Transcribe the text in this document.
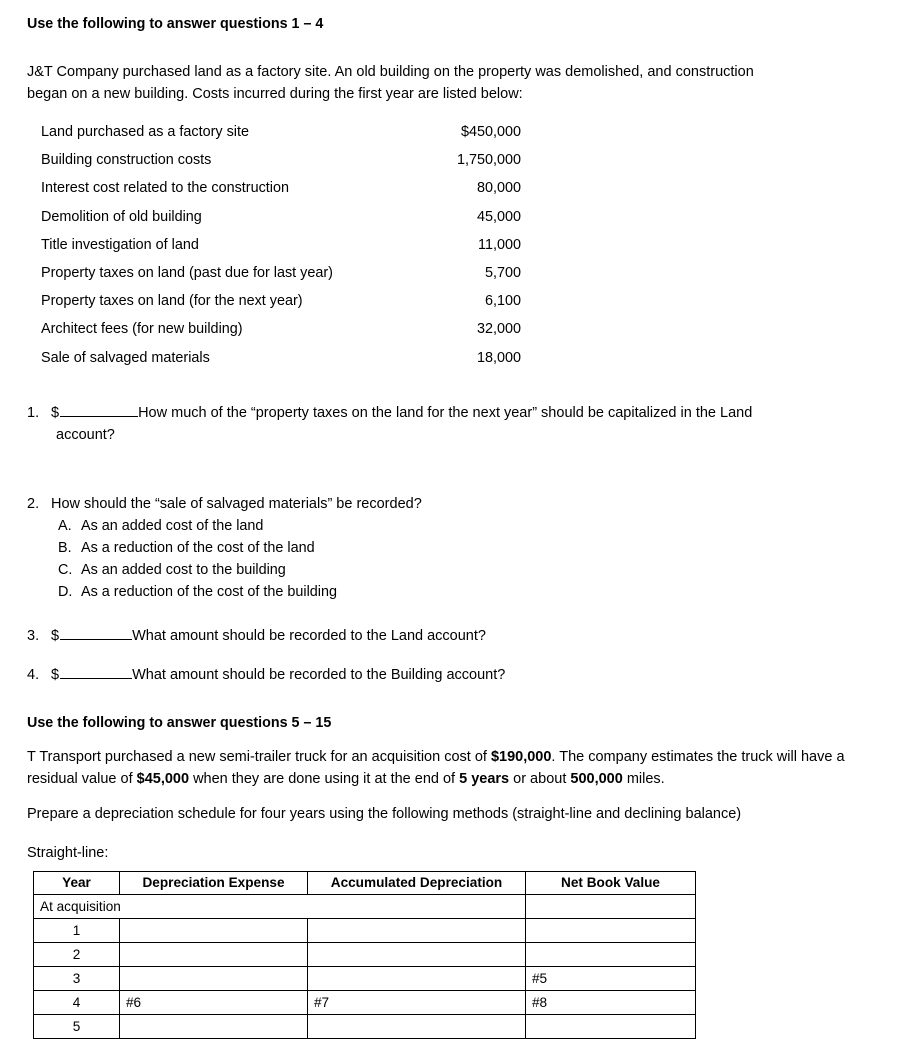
Use the following to answer questions 1 – 4
J&T Company purchased land as a factory site. An old building on the property was demolished, and construction
began on a new building. Costs incurred during the first year are listed below:
Land purchased as a factory site	$450,000
Building construction costs	1,750,000
Interest cost related to the construction	80,000
Demolition of old building	45,000
Title investigation of land	11,000
Property taxes on land (past due for last year)	5,700
Property taxes on land (for the next year)	6,100
Architect fees (for new building)	32,000
Sale of salvaged materials	18,000
1. $	How much of the “property taxes on the land for the next year” should be capitalized in the Land
account?
2. How should the “sale of salvaged materials” be recorded?
A. As an added cost of the land
B. As a reduction of the cost of the land
C. As an added cost to the building
D. As a reduction of the cost of the building
3. $	What amount should be recorded to the Land account?
4. $	What amount should be recorded to the Building account?
Use the following to answer questions 5 – 15
T Transport purchased a new semi-trailer truck for an acquisition cost of $190,000. The company estimates the truck will have a residual value of $45,000 when they are done using it at the end of 5 years or about 500,000 miles.
Prepare a depreciation schedule for four years using the following methods (straight-line and declining balance)
Straight-line:
Year	Depreciation Expense	Accumulated Depreciation	Net Book Value
At acquisition			
1			
2			
3			#5
4	#6	#7	#8
5			
